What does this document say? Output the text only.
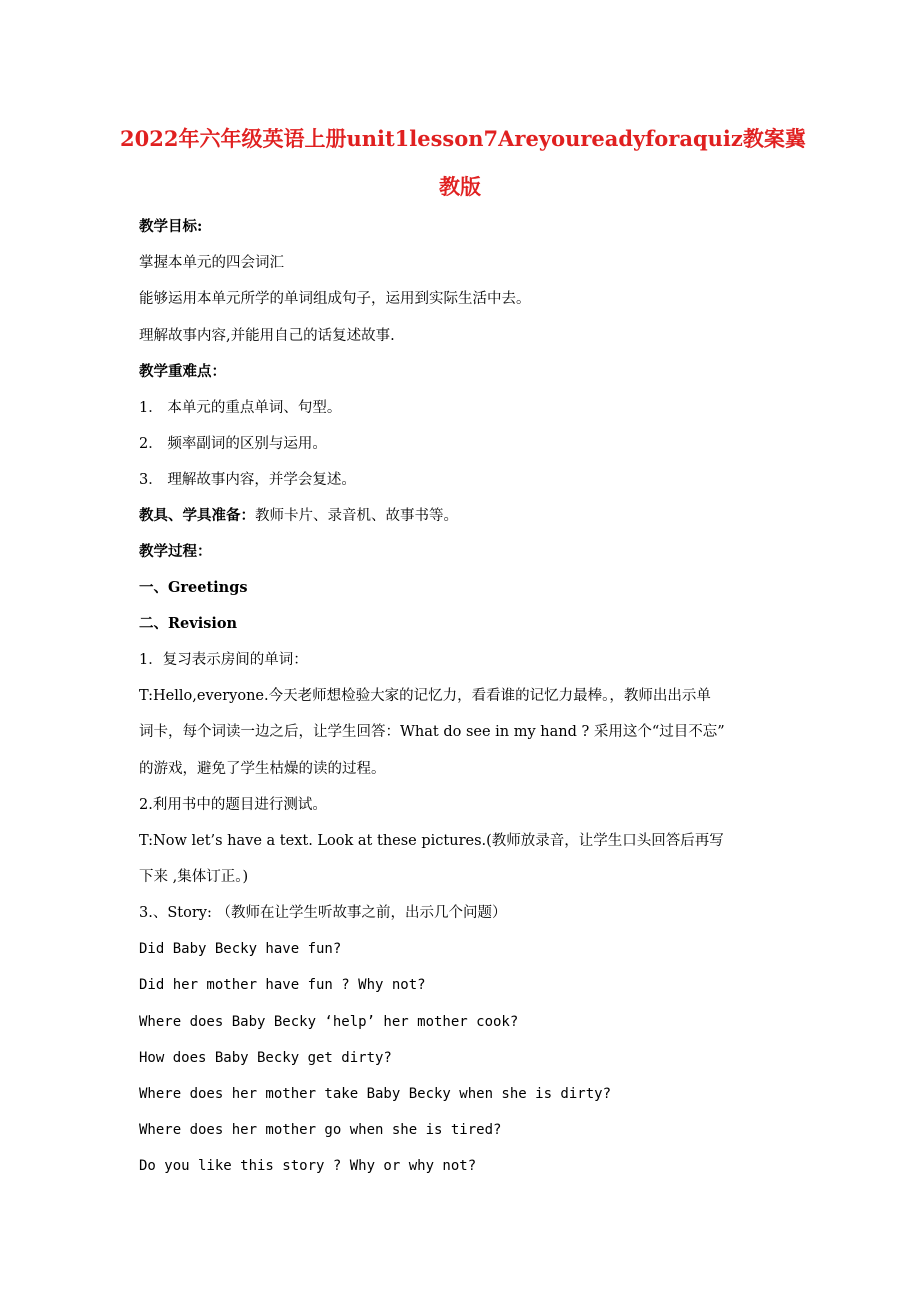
2022年六年级英语上册unit1lesson7Areyoureadyforaquiz教案冀
教版
教学目标:
掌握本单元的四会词汇
能够运用本单元所学的单词组成句子，运用到实际生活中去。
理解故事内容,并能用自己的话复述故事.
教学重难点：
1． 本单元的重点单词、句型。
2． 频率副词的区别与运用。
3． 理解故事内容，并学会复述。
教具、学具准备：教师卡片、录音机、故事书等。
教学过程：
一、Greetings
二、Revision
1．复习表示房间的单词：
T:Hello,everyone.今天老师想检验大家的记忆力，看看谁的记忆力最棒。，教师出出示单
词卡，每个词读一边之后，让学生回答：What do see in my hand ? 采用这个“过目不忘”
的游戏，避免了学生枯燥的读的过程。
2.利用书中的题目进行测试。
T:Now let’s have a text. Look at these pictures.(教师放录音，让学生口头回答后再写
下来 ,集体订正。)
3.、Story: （教师在让学生听故事之前，出示几个问题）
Did Baby Becky have fun?
Did her mother have fun ? Why not?
Where does Baby Becky ‘help’ her mother cook?
How does Baby Becky get dirty?
Where does her mother take Baby Becky when she is dirty?
Where does her mother go when she is tired?
Do you like this story ? Why or why not?
